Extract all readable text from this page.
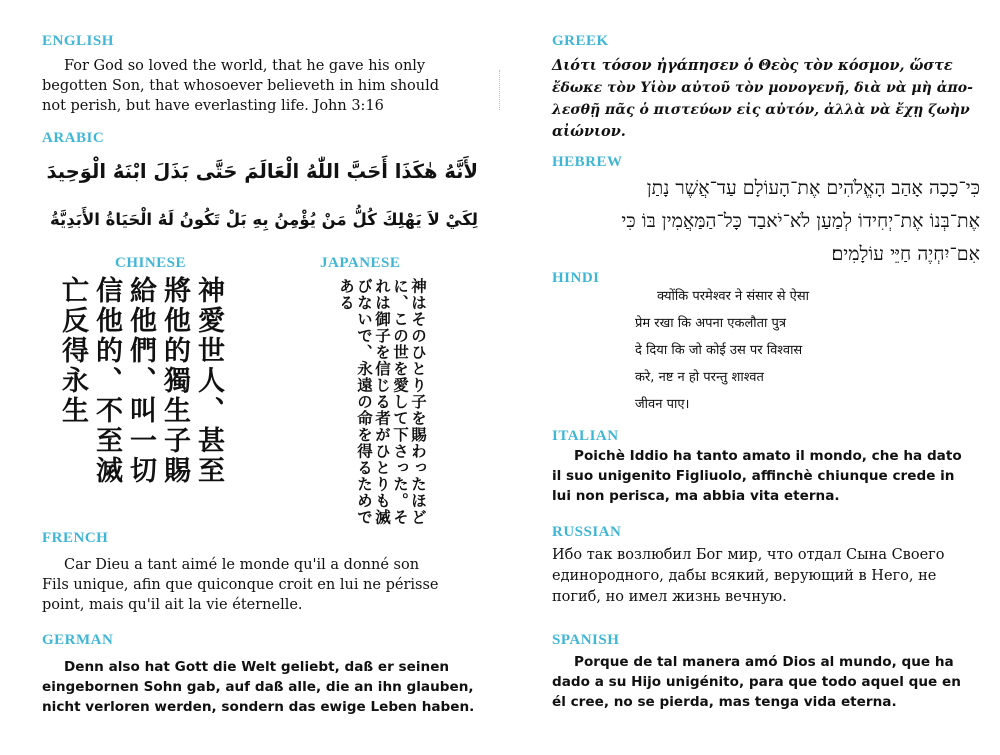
ENGLISH

For God so loved the world, that he gave his only
begotten Son, that whosoever believeth in him should
not perish, but have everlasting life. John 3:16

ARABIC
لأَنَّهُ هٰكَذَا أَحَبَّ اللّٰهُ الْعَالَمَ حَتَّى بَذَلَ ابْنَهُ الْوَحِيدَ
لِكَيْ لاَ يَهْلِكَ كُلُّ مَنْ يُؤْمِنُ بِهِ بَلْ تَكُونُ لَهُ الْحَيَاةُ الأَبَدِيَّةُ
CHINESE
神愛世人、甚至將他的獨生子賜給他們、叫一切信他的、不至滅亡反得永生
JAPANESE
神はそのひとり子を賜わったほどに、この世を愛して下さった。それは御子を信じる者がひとりも滅びないで、永遠の命を得るためである
FRENCH

Car Dieu a tant aimé le monde qu'il a donné son
Fils unique, afin que quiconque croit en lui ne périsse
point, mais qu'il ait la vie éternelle.

GERMAN

Denn also hat Gott die Welt geliebt, daß er seinen
eingebornen Sohn gab, auf daß alle, die an ihn glauben,
nicht verloren werden, sondern das ewige Leben haben.

GREEK

Διότι τόσον ἠγάπησεν ὁ Θεὸς τὸν κόσμον, ὥστε
ἔδωκε τὸν Υἱὸν αὐτοῦ τὸν μονογενῆ, διὰ νὰ μὴ ἀπο-
λεσθῇ πᾶς ὁ πιστεύων εἰς αὐτόν, ἀλλὰ νὰ ἔχῃ ζωὴν
αἰώνιον.

HEBREW
כִּי־כָכָה אָהַב הָאֱלֹהִים אֶת־הָעוֹלָם עַד־אֲשֶׁר נָתַן
אֶת־בְּנוֹ אֶת־יְחִידוֹ לְמַעַן לֹא־יֹאבַד כָּל־הַמַּאֲמִין בּוֹ כִּי
אִם־יִחְיֶה חַיֵּי עוֹלָמִים׃
HINDI
क्योंकि परमेश्वर ने संसार से ऐसा
प्रेम रखा कि अपना एकलौता पुत्र
दे दिया कि जो कोई उस पर विश्वास
करे, नष्ट न हो परन्तु शाश्वत
जीवन पाए।
ITALIAN

Poichè Iddio ha tanto amato il mondo, che ha dato
il suo unigenito Figliuolo, affinchè chiunque crede in
lui non perisca, ma abbia vita eterna.

RUSSIAN

Ибо так возлюбил Бог мир, что отдал Сына Своего
единородного, дабы всякий, верующий в Него, не
погиб, но имел жизнь вечную.

SPANISH

Porque de tal manera amó Dios al mundo, que ha
dado a su Hijo unigénito, para que todo aquel que en
él cree, no se pierda, mas tenga vida eterna.
